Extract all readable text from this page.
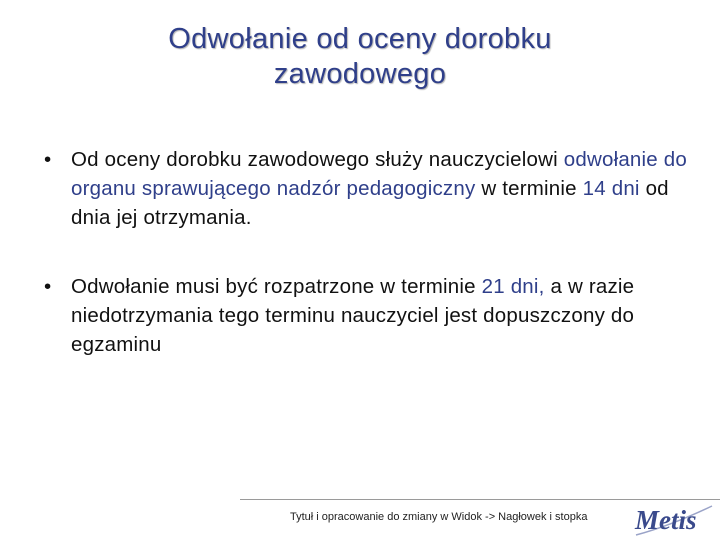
Odwołanie od oceny dorobku
zawodowego
• Od oceny dorobku zawodowego służy nauczycielowi odwołanie do organu sprawującego nadzór pedagogiczny w terminie 14 dni od dnia jej otrzymania.
• Odwołanie musi być rozpatrzone w terminie 21 dni, a w razie niedotrzymania tego terminu nauczyciel jest dopuszczony do egzaminu
Tytuł i opracowanie do zmiany w Widok -> Nagłowek i stopka Metis
